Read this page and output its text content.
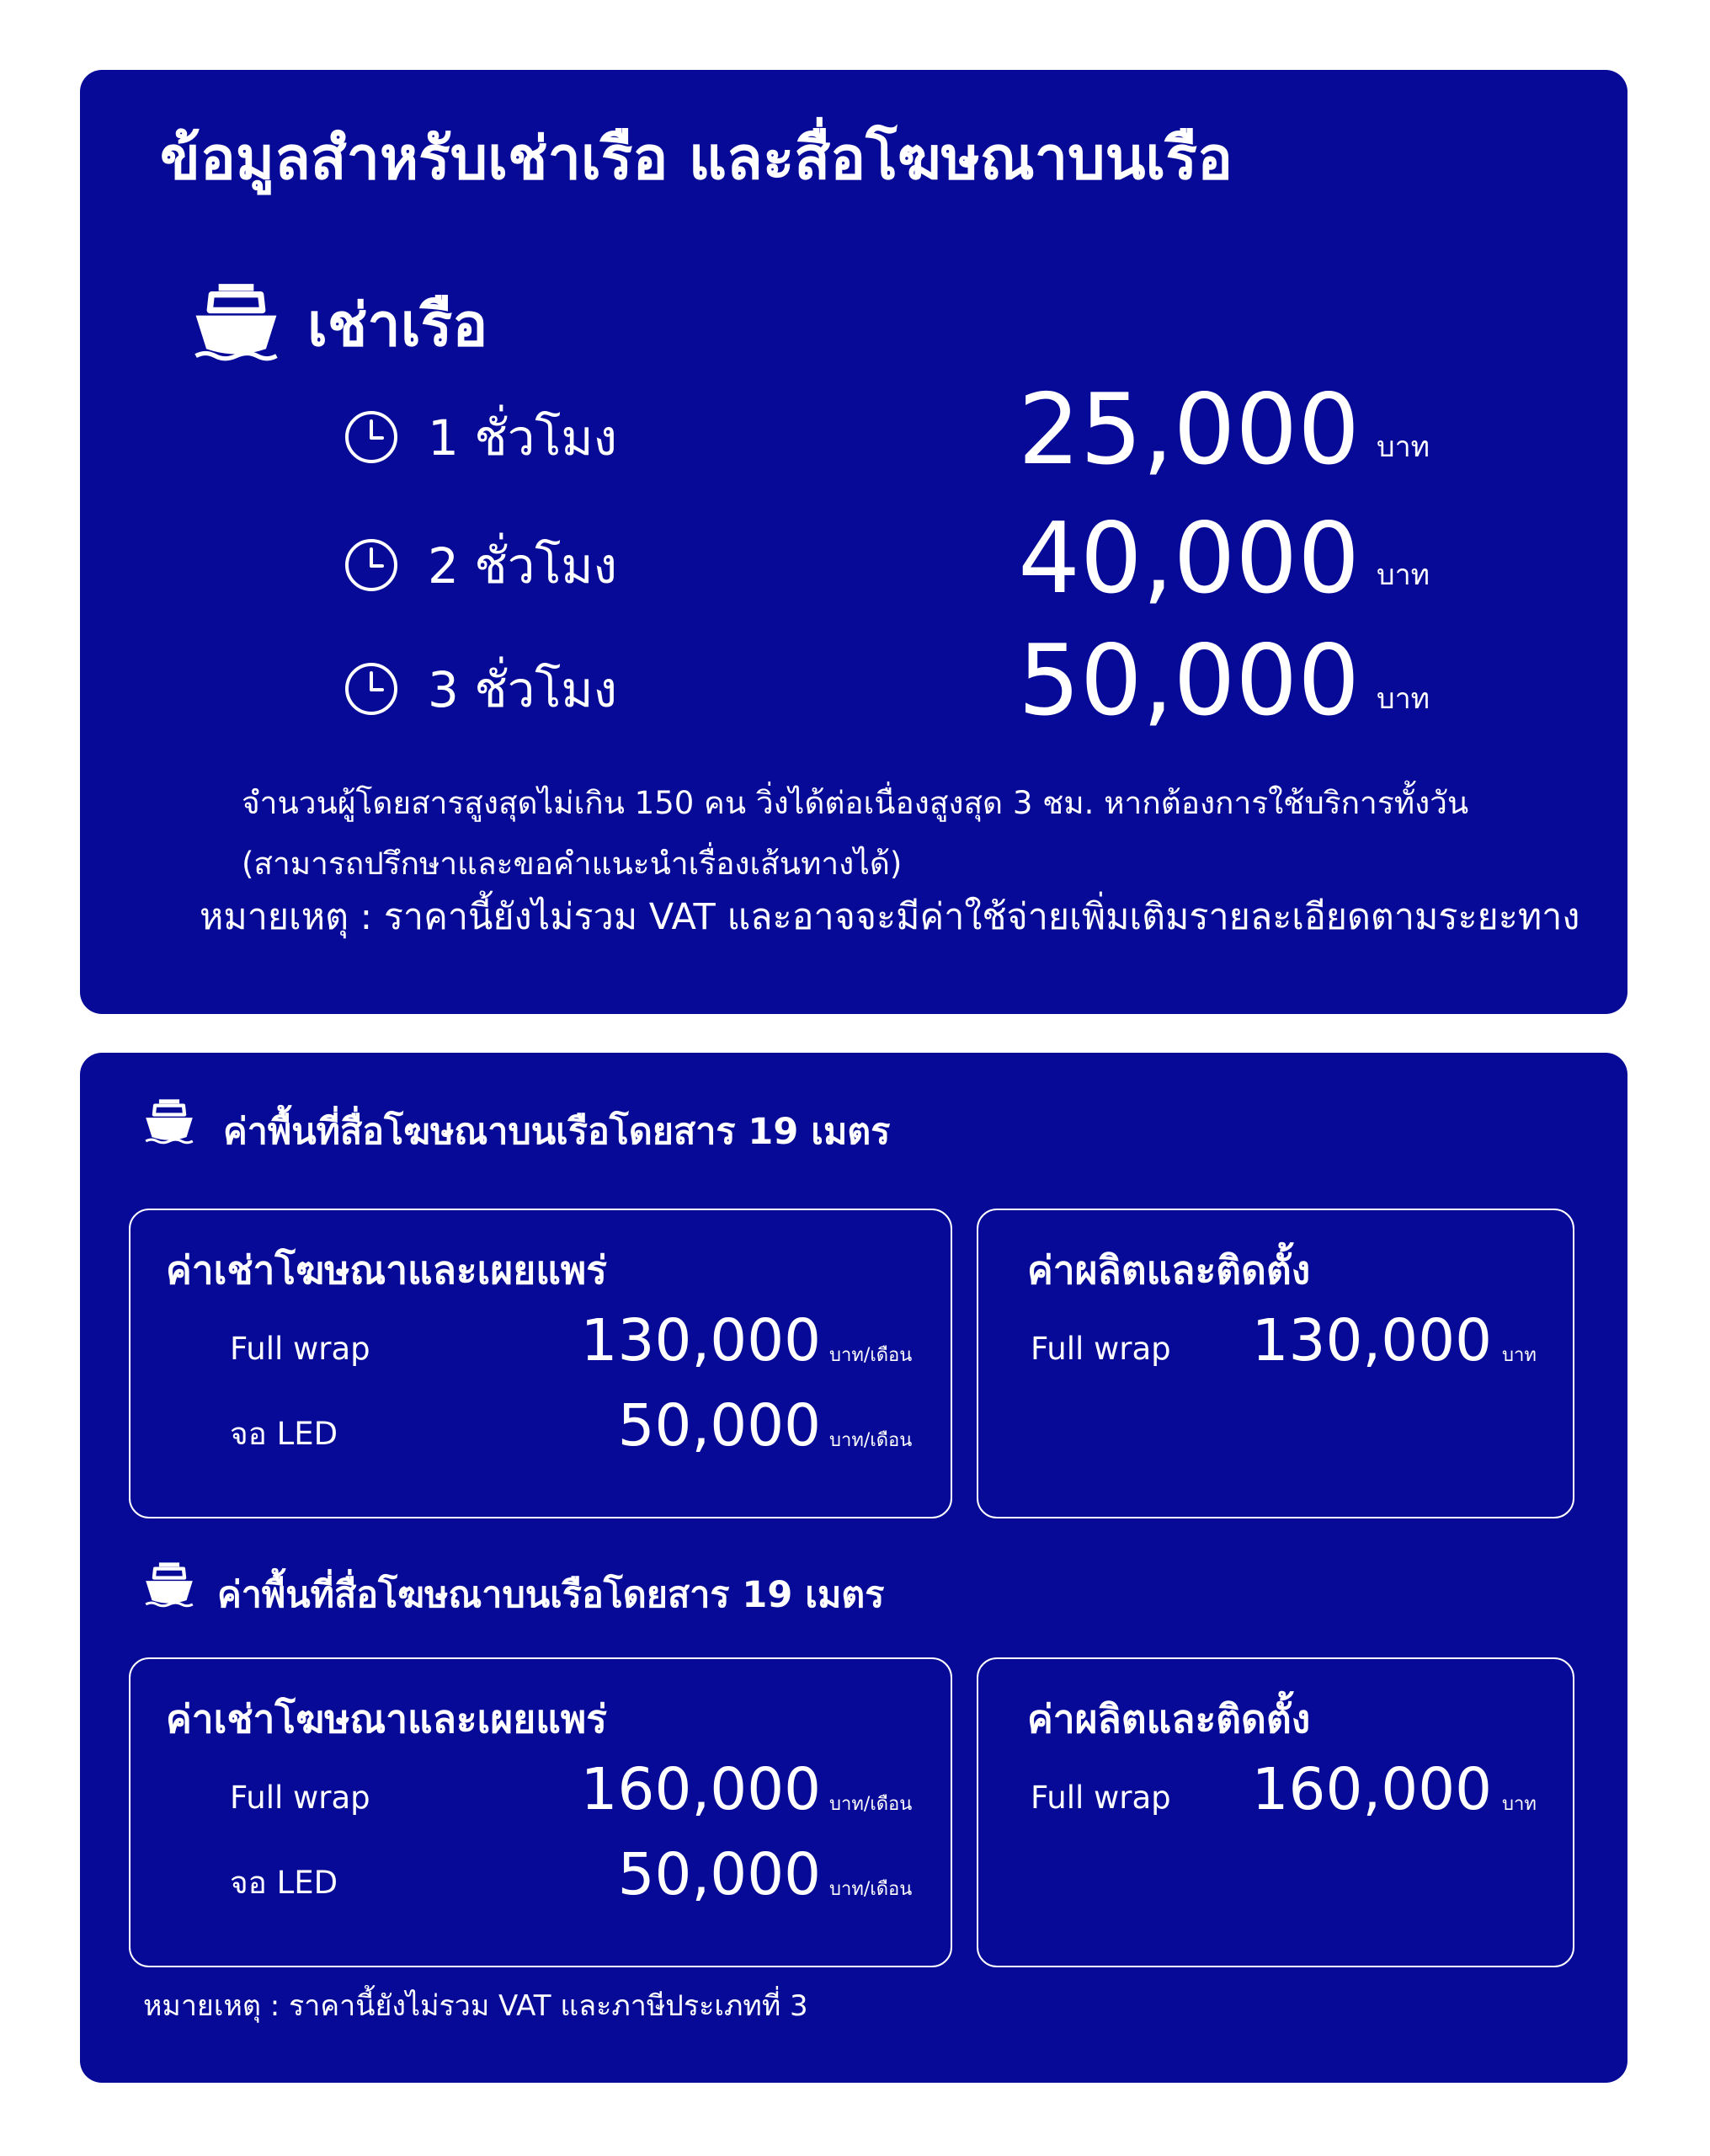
ข้อมูลสำหรับเช่าเรือ และสื่อโฆษณาบนเรือ
เช่าเรือ
1 ชั่วโมง	25,000 บาท
2 ชั่วโมง	40,000 บาท
3 ชั่วโมง	50,000 บาท
จำนวนผู้โดยสารสูงสุดไม่เกิน 150 คน วิ่งได้ต่อเนื่องสูงสุด 3 ชม. หากต้องการใช้บริการทั้งวัน
(สามารถปรึกษาและขอคำแนะนำเรื่องเส้นทางได้)
หมายเหตุ : ราคานี้ยังไม่รวม VAT และอาจจะมีค่าใช้จ่ายเพิ่มเติมรายละเอียดตามระยะทาง
ค่าพื้นที่สื่อโฆษณาบนเรือโดยสาร 19 เมตร
ค่าเช่าโฆษณาและเผยแพร่
Full wrap	130,000 บาท/เดือน
จอ LED	50,000 บาท/เดือน
ค่าผลิตและติดตั้ง
Full wrap	130,000 บาท
ค่าพื้นที่สื่อโฆษณาบนเรือโดยสาร 19 เมตร
ค่าเช่าโฆษณาและเผยแพร่
Full wrap	160,000 บาท/เดือน
จอ LED	50,000 บาท/เดือน
ค่าผลิตและติดตั้ง
Full wrap	160,000 บาท
หมายเหตุ : ราคานี้ยังไม่รวม VAT และภาษีประเภทที่ 3
